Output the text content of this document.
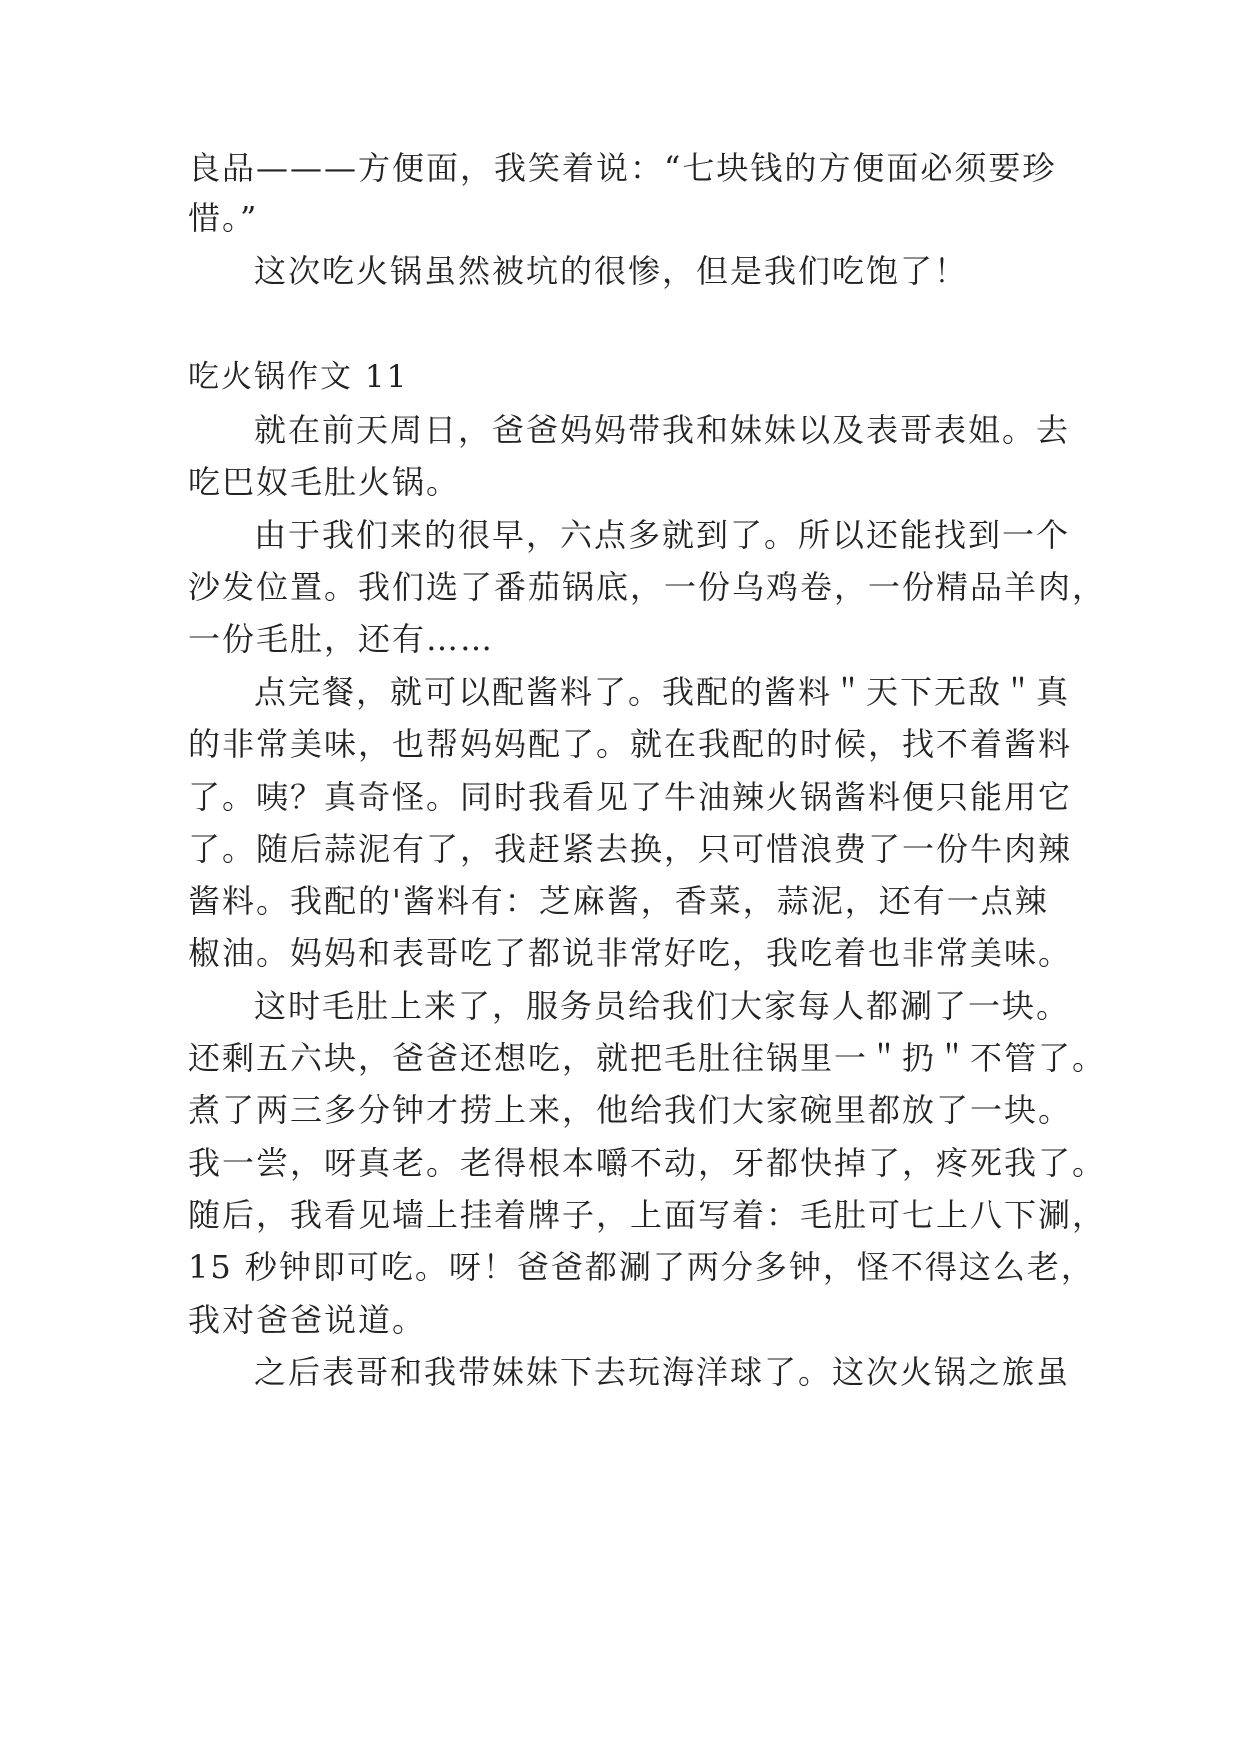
良品———方便面，我笑着说：“七块钱的方便面必须要珍

惜。”

这次吃火锅虽然被坑的很惨，但是我们吃饱了！

吃火锅作文 11

就在前天周日，爸爸妈妈带我和妹妹以及表哥表姐。去

吃巴奴毛肚火锅。

由于我们来的很早，六点多就到了。所以还能找到一个

沙发位置。我们选了番茄锅底，一份乌鸡卷，一份精品羊肉，

一份毛肚，还有……

点完餐，就可以配酱料了。我配的酱料＂天下无敌＂真

的非常美味，也帮妈妈配了。就在我配的时候，找不着酱料

了。咦？真奇怪。同时我看见了牛油辣火锅酱料便只能用它

了。随后蒜泥有了，我赶紧去换，只可惜浪费了一份牛肉辣

酱料。我配的'酱料有：芝麻酱，香菜，蒜泥，还有一点辣

椒油。妈妈和表哥吃了都说非常好吃，我吃着也非常美味。

这时毛肚上来了，服务员给我们大家每人都涮了一块。

还剩五六块，爸爸还想吃，就把毛肚往锅里一＂扔＂不管了。

煮了两三多分钟才捞上来，他给我们大家碗里都放了一块。

我一尝，呀真老。老得根本嚼不动，牙都快掉了，疼死我了。

随后，我看见墙上挂着牌子，上面写着：毛肚可七上八下涮，

15 秒钟即可吃。呀！爸爸都涮了两分多钟，怪不得这么老，

我对爸爸说道。

之后表哥和我带妹妹下去玩海洋球了。这次火锅之旅虽
